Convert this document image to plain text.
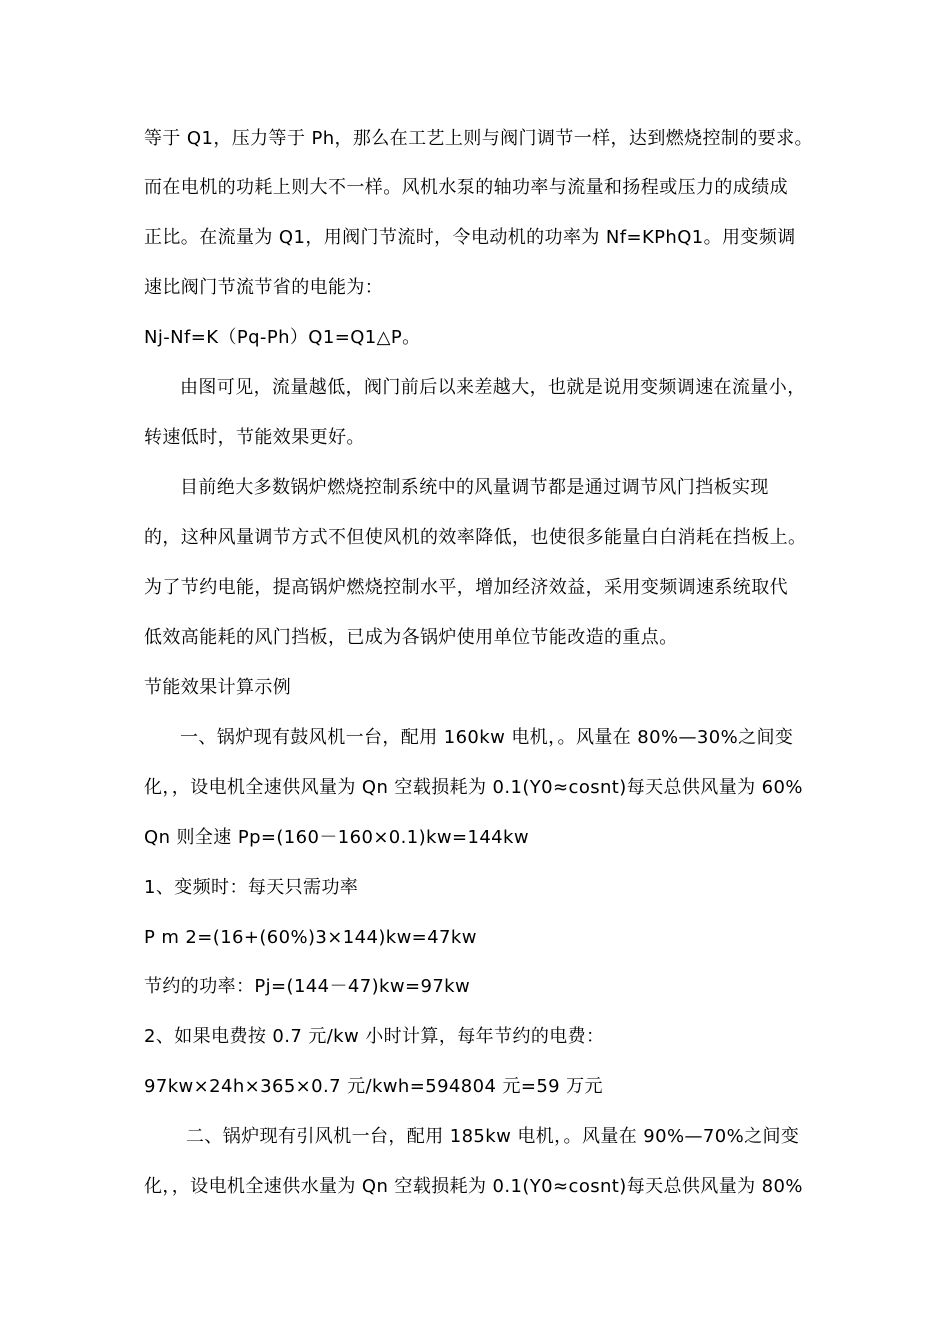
等于 Q1，压力等于 Ph，那么在工艺上则与阀门调节一样，达到燃烧控制的要求。

而在电机的功耗上则大不一样。风机水泵的轴功率与流量和扬程或压力的成绩成

正比。在流量为 Q1，用阀门节流时，令电动机的功率为 Nf=KPhQ1。用变频调

速比阀门节流节省的电能为：

Nj-Nf=K（Pq-Ph）Q1=Q1△P。

由图可见，流量越低，阀门前后以来差越大，也就是说用变频调速在流量小，

转速低时，节能效果更好。

目前绝大多数锅炉燃烧控制系统中的风量调节都是通过调节风门挡板实现

的，这种风量调节方式不但使风机的效率降低，也使很多能量白白消耗在挡板上。

为了节约电能，提高锅炉燃烧控制水平，增加经济效益，采用变频调速系统取代

低效高能耗的风门挡板，已成为各锅炉使用单位节能改造的重点。

节能效果计算示例

一、锅炉现有鼓风机一台，配用 160kw 电机，。风量在 80%—30%之间变

化，，设电机全速供风量为 Qn 空载损耗为 0.1(Y0≈cosnt)每天总供风量为 60%

Qn 则全速 Pp=(160－160×0.1)kw=144kw

1、变频时：每天只需功率

P m 2=(16+(60%)3×144)kw=47kw

节约的功率：Pj=(144－47)kw=97kw

2、如果电费按 0.7 元/kw 小时计算，每年节约的电费：

97kw×24h×365×0.7 元/kwh=594804 元=59 万元

二、锅炉现有引风机一台，配用 185kw 电机，。风量在 90%—70%之间变

化，，设电机全速供水量为 Qn 空载损耗为 0.1(Y0≈cosnt)每天总供风量为 80%
